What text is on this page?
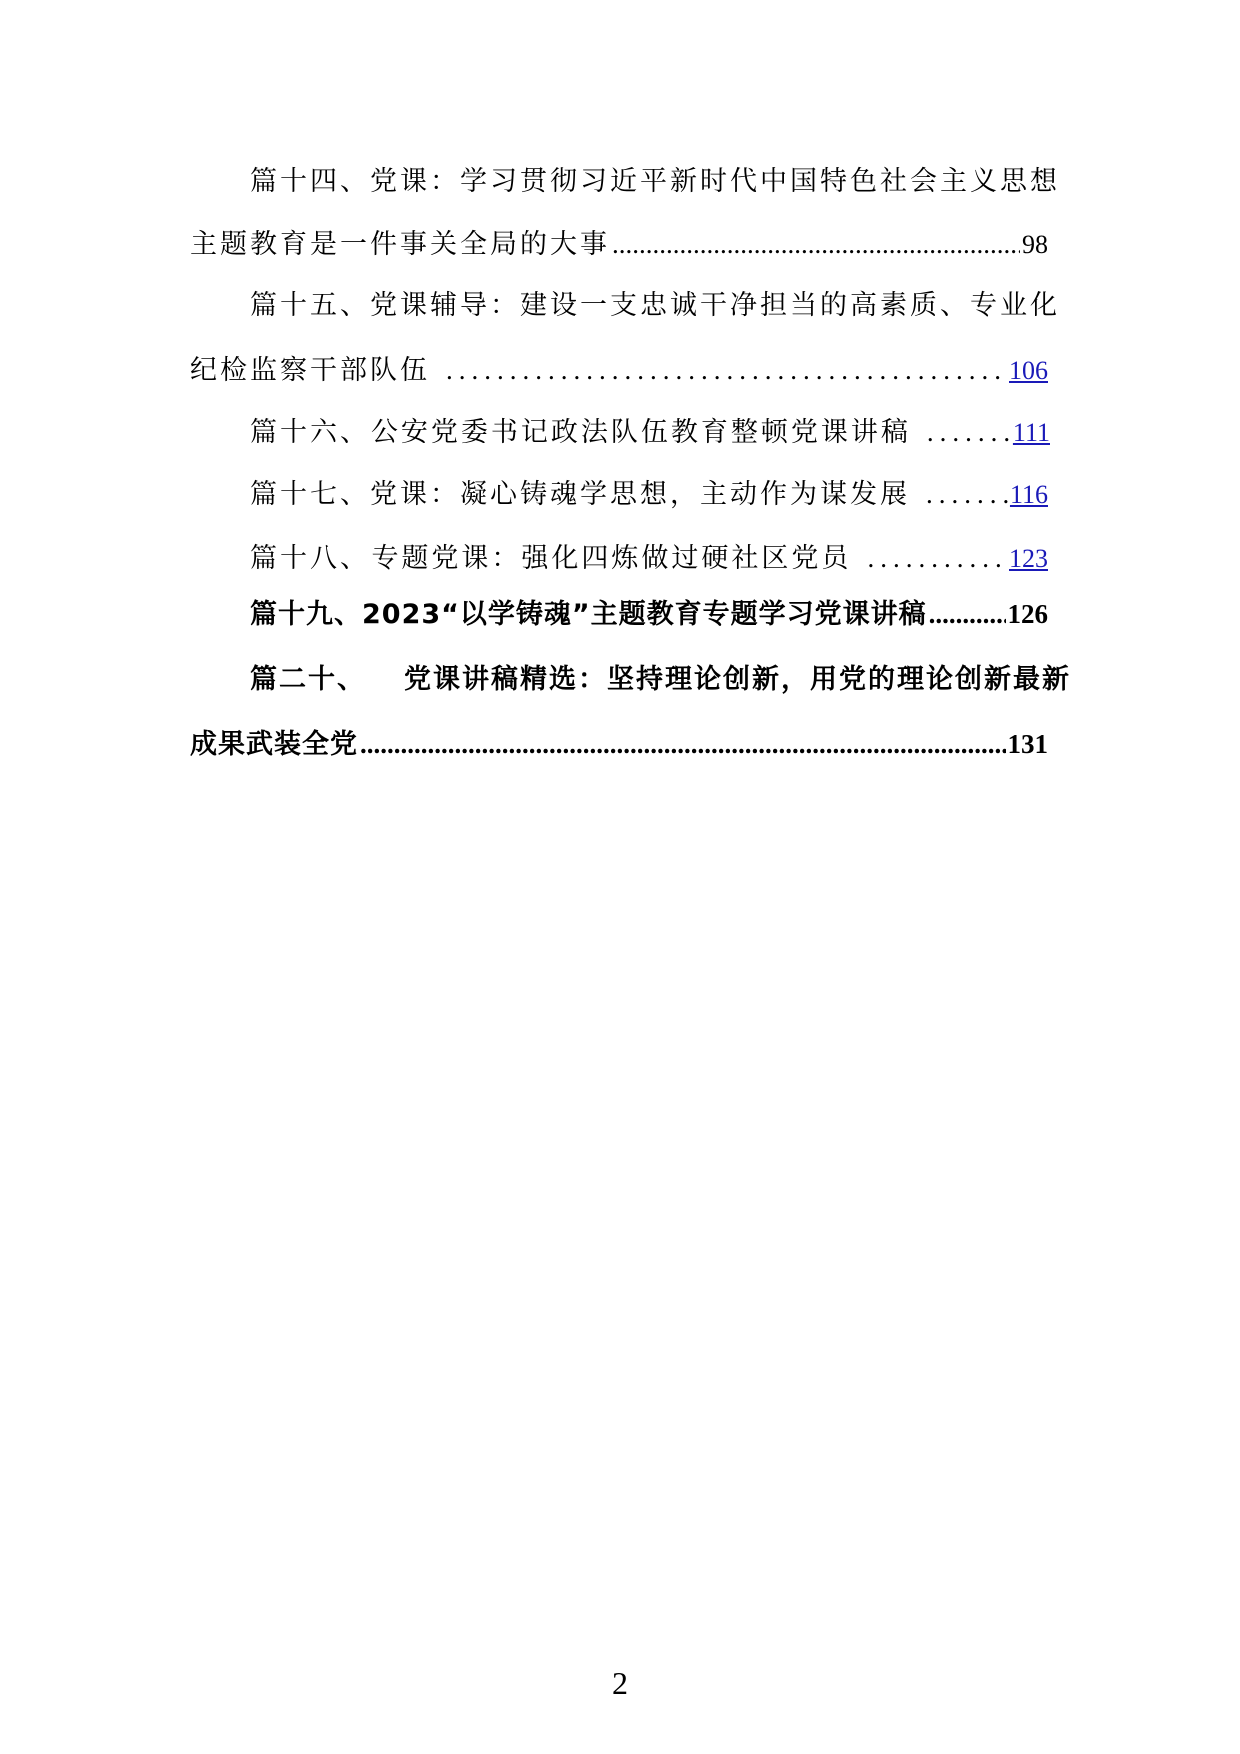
篇十四、党课：学习贯彻习近平新时代中国特色社会主义思想
主题教育是一件事关全局的大事 .....	98
篇十五、党课辅导：建设一支忠诚干净担当的高素质、专业化
纪检监察干部队伍 .....	106
篇十六、 公安党委书记政法队伍教育整顿党课讲稿 .....	111
篇十七、党课：凝心铸魂学思想，主动作为谋发展 .....	116
篇十八、 专题党课：强化四炼做过硬社区党员 .....	123
篇十九、2023“以学铸魂”主题教育专题学习党课讲稿 .....	126
篇二十、 党课讲稿精选：坚持理论创新，用党的理论创新最新
成果武装全党 .....	131
2
